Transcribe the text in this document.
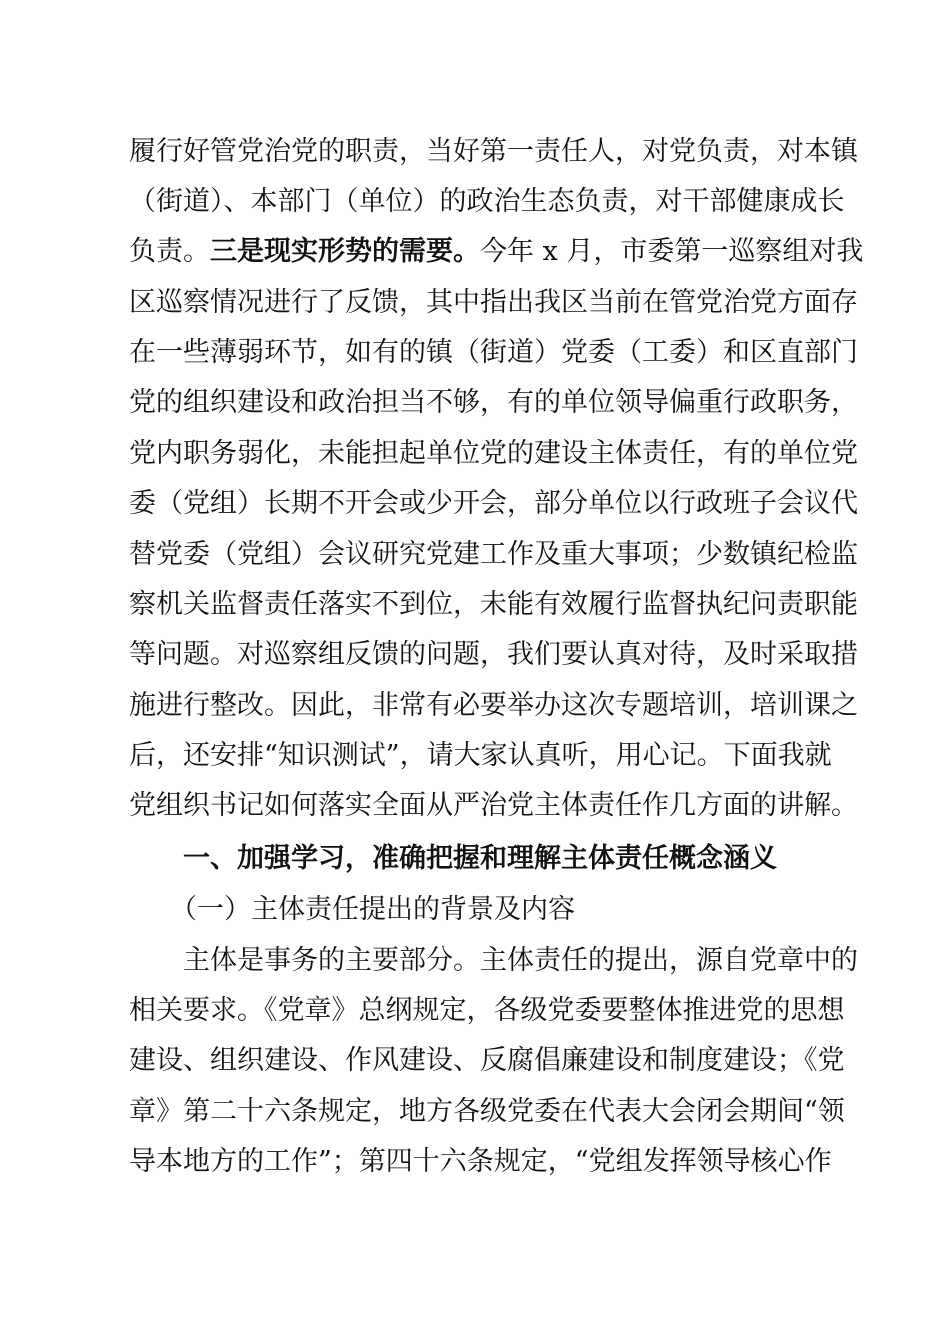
履行好管党治党的职责，当好第一责任人，对党负责，对本镇
（街道）、本部门（单位）的政治生态负责，对干部健康成长
负责。三是现实形势的需要。今年 x 月，市委第一巡察组对我
区巡察情况进行了反馈，其中指出我区当前在管党治党方面存
在一些薄弱环节，如有的镇（街道）党委（工委）和区直部门
党的组织建设和政治担当不够，有的单位领导偏重行政职务，
党内职务弱化，未能担起单位党的建设主体责任，有的单位党
委（党组）长期不开会或少开会，部分单位以行政班子会议代
替党委（党组）会议研究党建工作及重大事项；少数镇纪检监
察机关监督责任落实不到位，未能有效履行监督执纪问责职能
等问题。对巡察组反馈的问题，我们要认真对待，及时采取措
施进行整改。因此，非常有必要举办这次专题培训，培训课之
后，还安排“知识测试”，请大家认真听，用心记。下面我就
党组织书记如何落实全面从严治党主体责任作几方面的讲解。
一、加强学习，准确把握和理解主体责任概念涵义
（一）主体责任提出的背景及内容
主体是事务的主要部分。主体责任的提出，源自党章中的
相关要求。《党章》总纲规定，各级党委要整体推进党的思想
建设、组织建设、作风建设、反腐倡廉建设和制度建设；《党
章》第二十六条规定，地方各级党委在代表大会闭会期间“领
导本地方的工作”；第四十六条规定，“党组发挥领导核心作
